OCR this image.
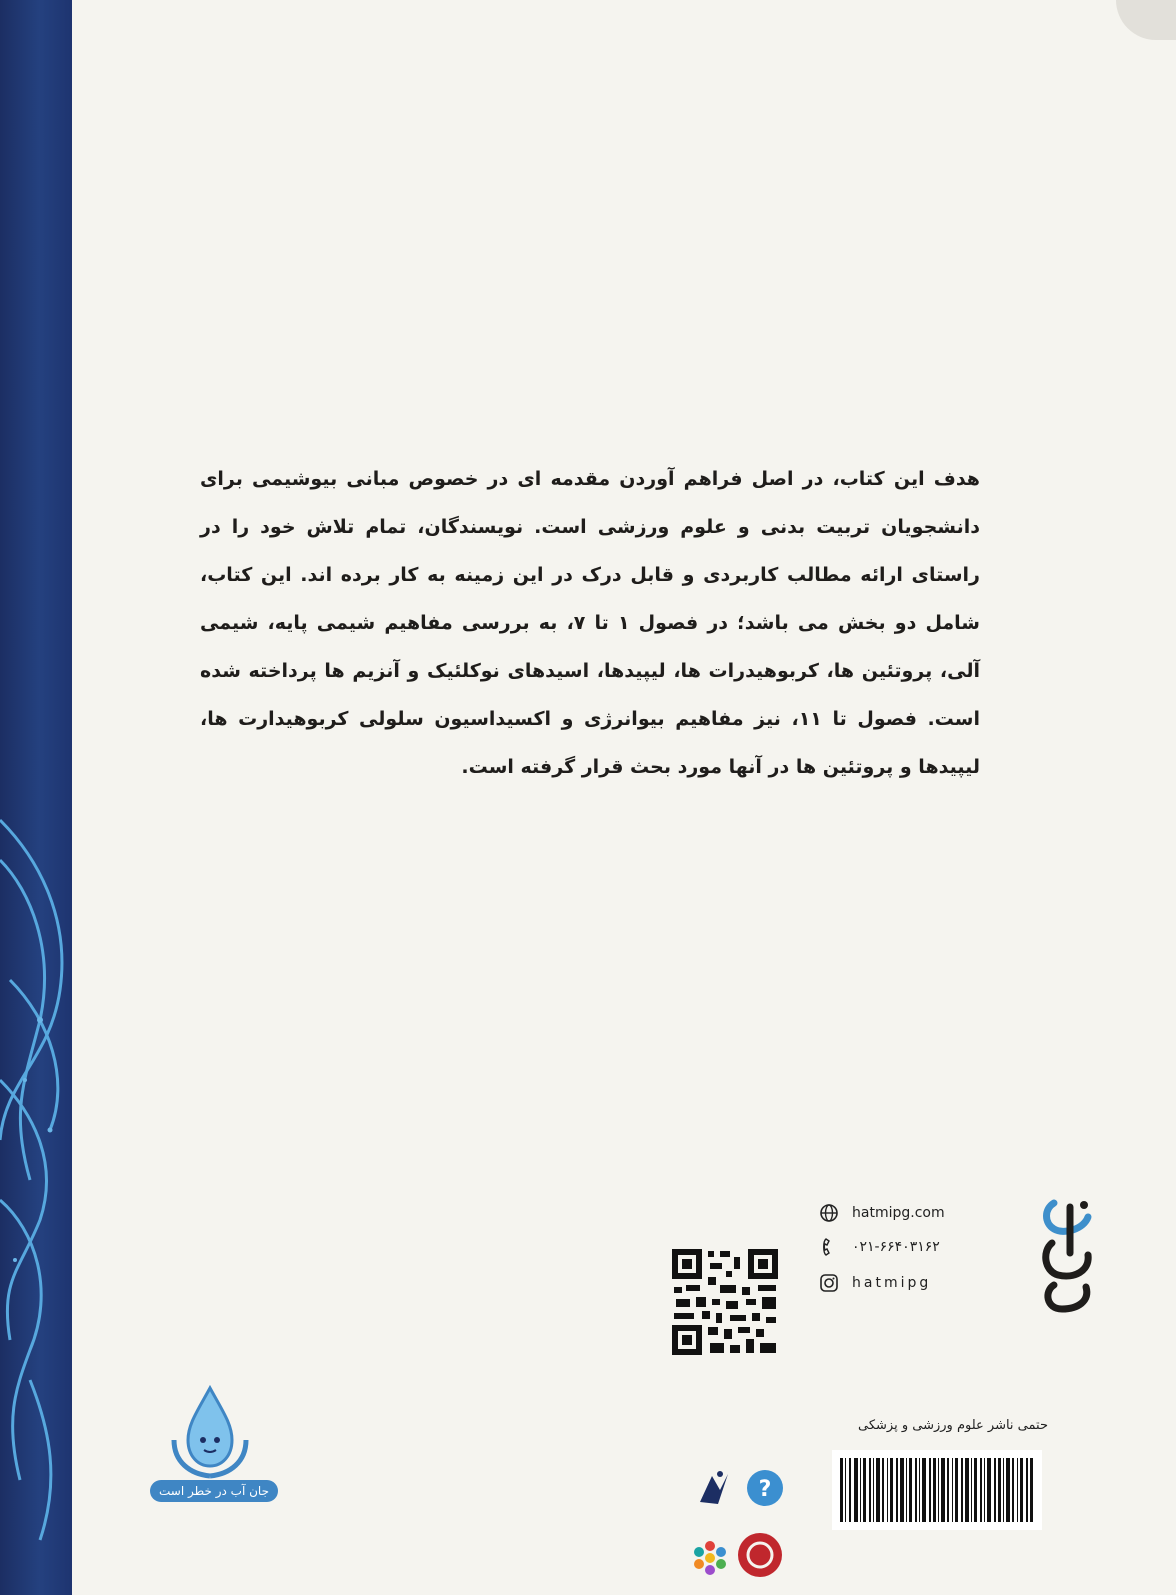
هدف این کتاب، در اصل فراهم آوردن مقدمه ای در خصوص مبانی بیوشیمی برای دانشجویان تربیت بدنی و علوم ورزشی است. نویسندگان، تمام تلاش خود را در راستای ارائه مطالب کاربردی و قابل درک در این زمینه به کار برده اند. این کتاب، شامل دو بخش می باشد؛ در فصول ۱ تا ۷، به بررسی مفاهیم شیمی پایه، شیمی آلی، پروتئین ها، کربوهیدرات ها، لیپیدها، اسیدهای نوکلئیک و آنزیم ها پرداخته شده است. فصول تا ۱۱، نیز مفاهیم بیوانرژی و اکسیداسیون سلولی کربوهیدارت ها، لیپیدها و پروتئین ها در آنها مورد بحث قرار گرفته است.
hatmipg.com
۰۲۱-۶۶۴۰۳۱۶۲
hatmipg
حتمی ناشر علوم ورزشی و پزشکی
?
جان آب در خطر است
